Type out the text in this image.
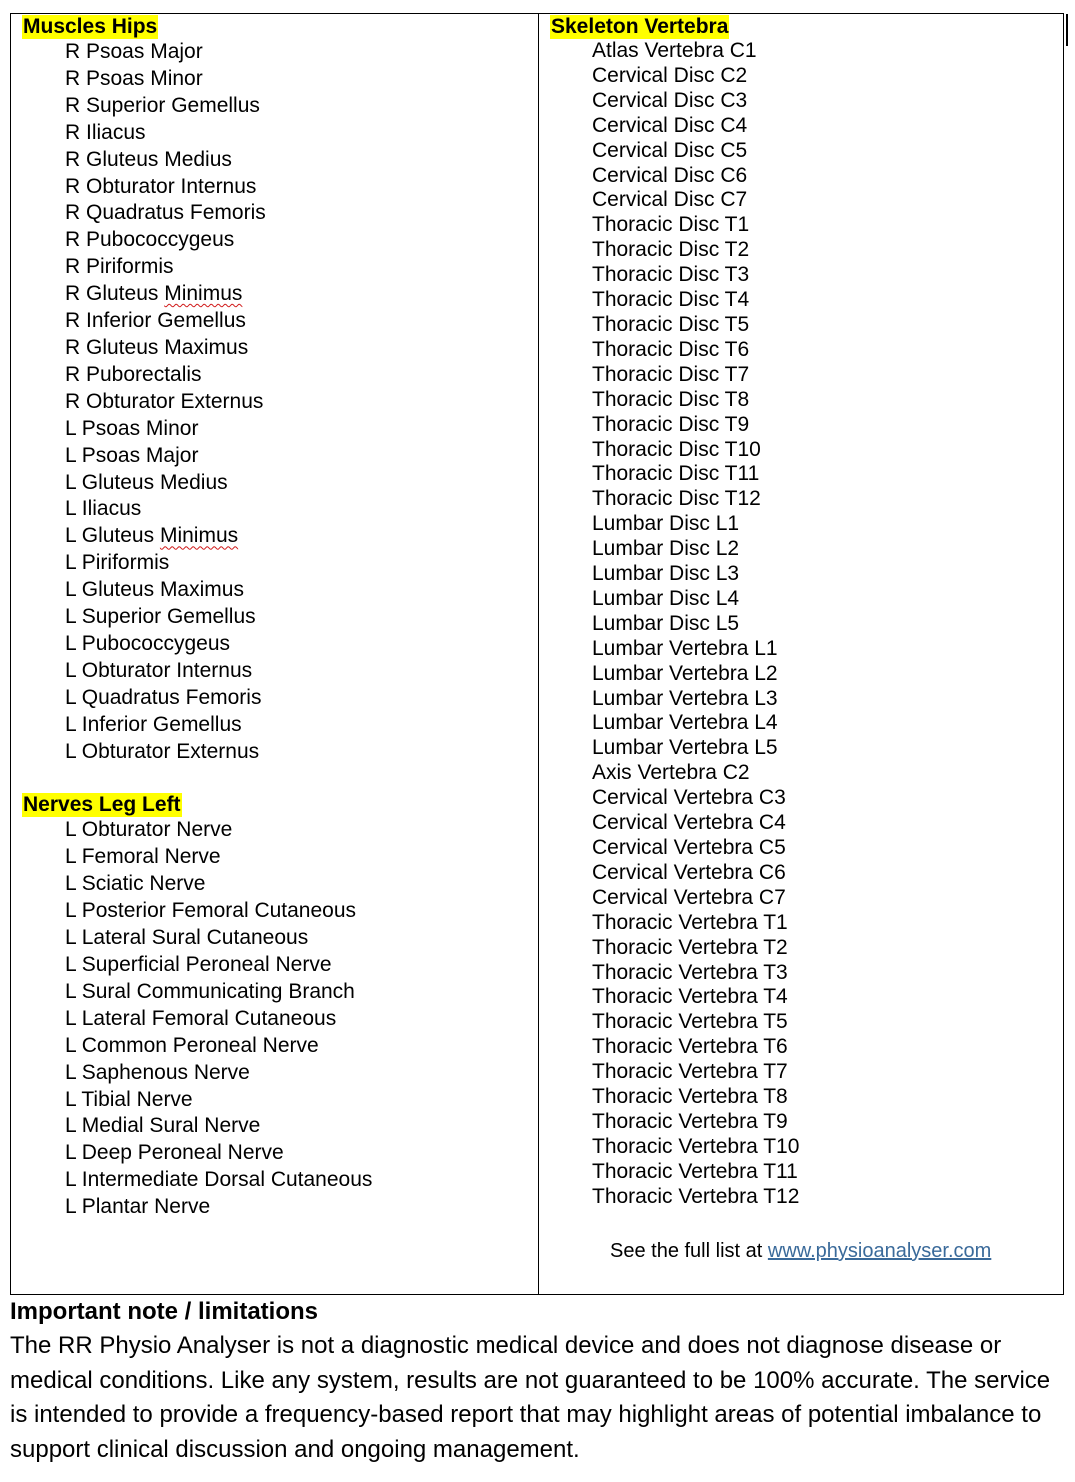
Muscles Hips
R Psoas Major
R Psoas Minor
R Superior Gemellus
R Iliacus
R Gluteus Medius
R Obturator Internus
R Quadratus Femoris
R Pubococcygeus
R Piriformis
R Gluteus Minimus
R Inferior Gemellus
R Gluteus Maximus
R Puborectalis
R Obturator Externus
L Psoas Minor
L Psoas Major
L Gluteus Medius
L Iliacus
L Gluteus Minimus
L Piriformis
L Gluteus Maximus
L Superior Gemellus
L Pubococcygeus
L Obturator Internus
L Quadratus Femoris
L Inferior Gemellus
L Obturator Externus
Nerves Leg Left
L Obturator Nerve
L Femoral Nerve
L Sciatic Nerve
L Posterior Femoral Cutaneous
L Lateral Sural Cutaneous
L Superficial Peroneal Nerve
L Sural Communicating Branch
L Lateral Femoral Cutaneous
L Common Peroneal Nerve
L Saphenous Nerve
L Tibial Nerve
L Medial Sural Nerve
L Deep Peroneal Nerve
L Intermediate Dorsal Cutaneous
L Plantar Nerve
Skeleton Vertebra
Atlas Vertebra C1
Cervical Disc C2
Cervical Disc C3
Cervical Disc C4
Cervical Disc C5
Cervical Disc C6
Cervical Disc C7
Thoracic Disc T1
Thoracic Disc T2
Thoracic Disc T3
Thoracic Disc T4
Thoracic Disc T5
Thoracic Disc T6
Thoracic Disc T7
Thoracic Disc T8
Thoracic Disc T9
Thoracic Disc T10
Thoracic Disc T11
Thoracic Disc T12
Lumbar Disc L1
Lumbar Disc L2
Lumbar Disc L3
Lumbar Disc L4
Lumbar Disc L5
Lumbar Vertebra L1
Lumbar Vertebra L2
Lumbar Vertebra L3
Lumbar Vertebra L4
Lumbar Vertebra L5
Axis Vertebra C2
Cervical Vertebra C3
Cervical Vertebra C4
Cervical Vertebra C5
Cervical Vertebra C6
Cervical Vertebra C7
Thoracic Vertebra T1
Thoracic Vertebra T2
Thoracic Vertebra T3
Thoracic Vertebra T4
Thoracic Vertebra T5
Thoracic Vertebra T6
Thoracic Vertebra T7
Thoracic Vertebra T8
Thoracic Vertebra T9
Thoracic Vertebra T10
Thoracic Vertebra T11
Thoracic Vertebra T12
See the full list at www.physioanalyser.com
Important note / limitations
The RR Physio Analyser is not a diagnostic medical device and does not diagnose disease or medical conditions. Like any system, results are not guaranteed to be 100% accurate. The service is intended to provide a frequency-based report that may highlight areas of potential imbalance to support clinical discussion and ongoing management.
